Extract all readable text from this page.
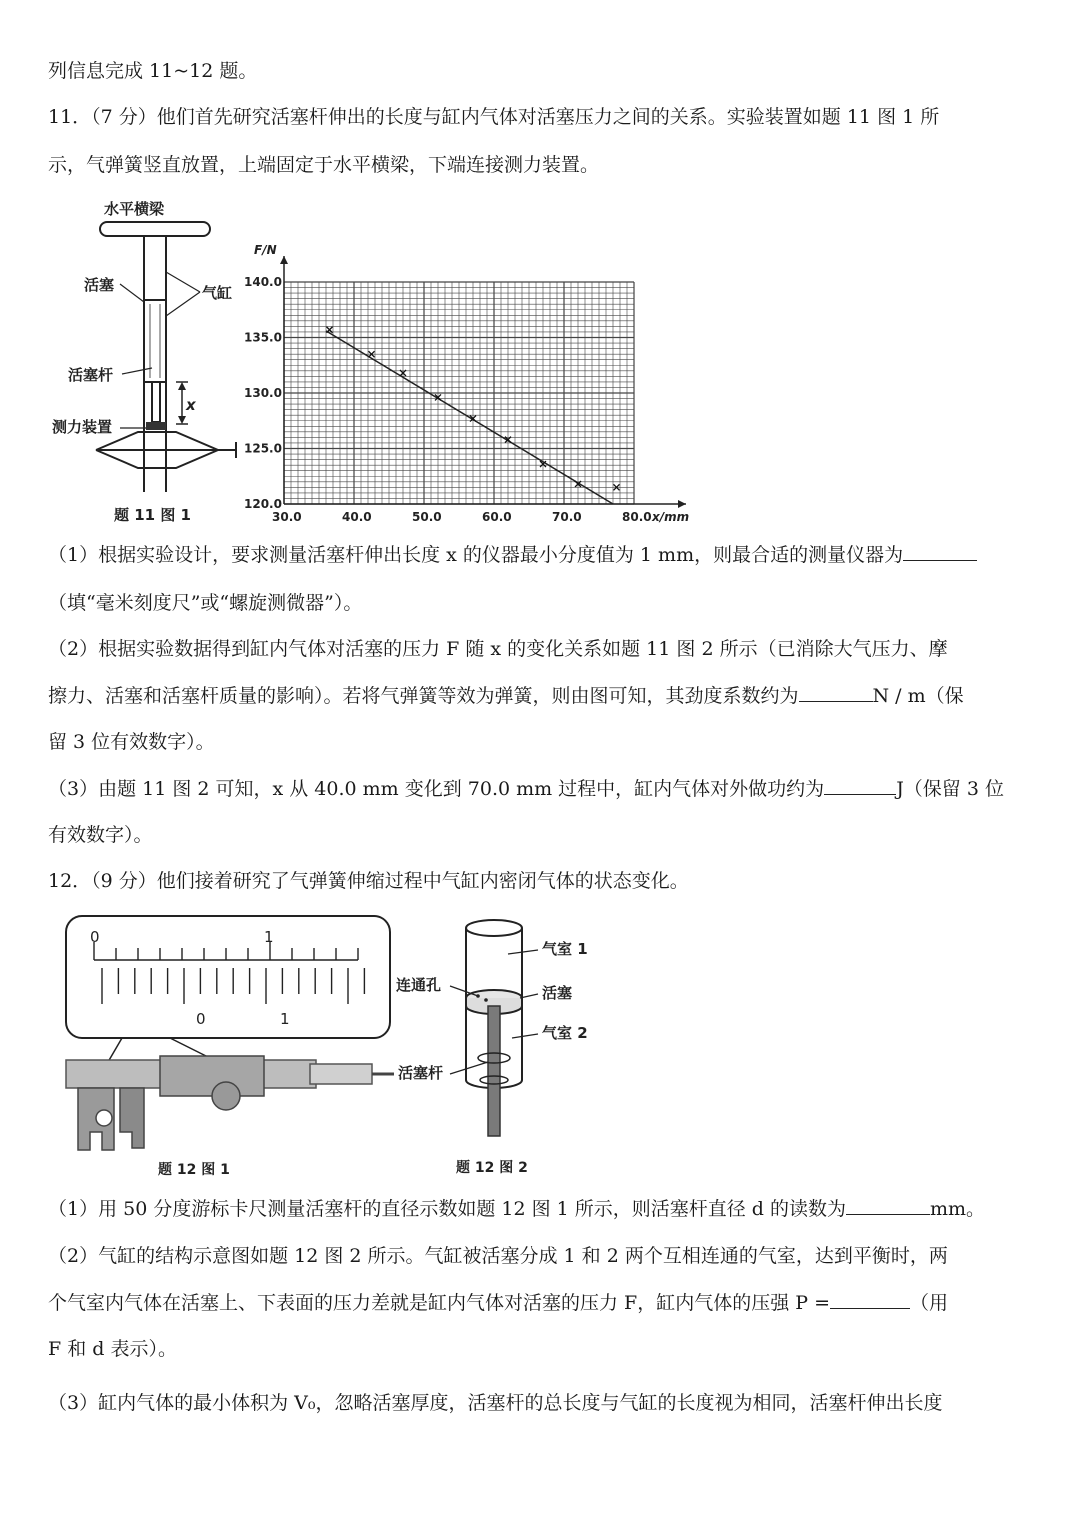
列信息完成 11~12 题。
11．（7 分）他们首先研究活塞杆伸出的长度与缸内气体对活塞压力之间的关系。实验装置如题 11 图 1 所
示，气弹簧竖直放置，上端固定于水平横梁，下端连接测力装置。
水平横梁
活塞	气缸
活塞杆
x
测力装置
题 11 图 1
F/N
x/mm
30.0	40.0	50.0	60.0	70.0	80.0
120.0
125.0
130.0
135.0
140.0
（1）根据实验设计，要求测量活塞杆伸出长度 x 的仪器最小分度值为 1 mm，则最合适的测量仪器为
（填“毫米刻度尺”或“螺旋测微器”）。
（2）根据实验数据得到缸内气体对活塞的压力 F 随 x 的变化关系如题 11 图 2 所示（已消除大气压力、摩
擦力、活塞和活塞杆质量的影响）。若将气弹簧等效为弹簧，则由图可知，其劲度系数约为	N / m（保
留 3 位有效数字）。
（3）由题 11 图 2 可知，x 从 40.0 mm 变化到 70.0 mm 过程中，缸内气体对外做功约为	J（保留 3 位
有效数字）。
12．（9 分）他们接着研究了气弹簧伸缩过程中气缸内密闭气体的状态变化。
0	1
0	1
题 12 图 1
气室 1
连通孔	活塞
气室 2
活塞杆
题 12 图 2
（1）用 50 分度游标卡尺测量活塞杆的直径示数如题 12 图 1 所示，则活塞杆直径 d 的读数为	mm。
（2）气缸的结构示意图如题 12 图 2 所示。气缸被活塞分成 1 和 2 两个互相连通的气室，达到平衡时，两
个气室内气体在活塞上、下表面的压力差就是缸内气体对活塞的压力 F，缸内气体的压强 P =	（用
F 和 d 表示）。
（3）缸内气体的最小体积为 V₀，忽略活塞厚度，活塞杆的总长度与气缸的长度视为相同，活塞杆伸出长度
